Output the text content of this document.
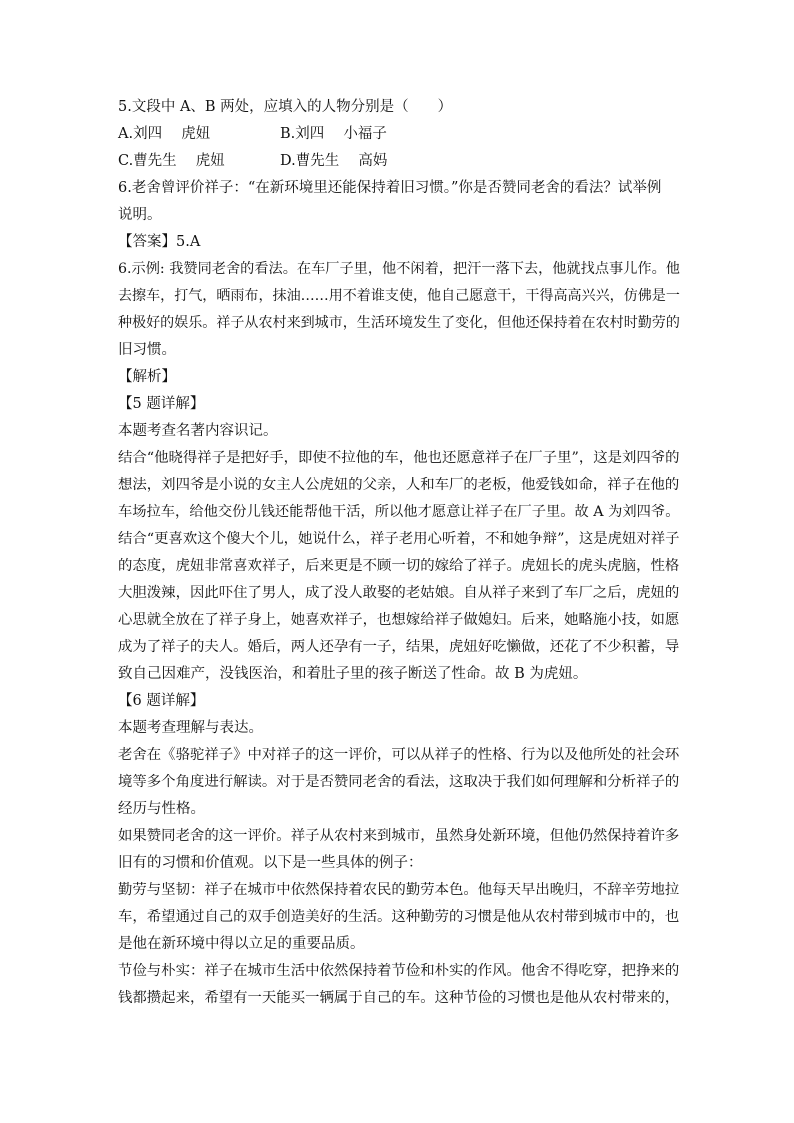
5.文段中 A、B 两处，应填入的人物分别是（　　）
A.刘四　 虎妞	B.刘四　 小福子
C.曹先生　 虎妞	D.曹先生　 高妈
6.老舍曾评价祥子：“在新环境里还能保持着旧习惯。”你是否赞同老舍的看法？试举例
说明。
【答案】5.A
6.示例: 我赞同老舍的看法。在车厂子里，他不闲着，把汗一落下去，他就找点事儿作。他
去擦车，打气，晒雨布，抹油……用不着谁支使，他自己愿意干，干得高高兴兴，仿佛是一
种极好的娱乐。祥子从农村来到城市，生活环境发生了变化，但他还保持着在农村时勤劳的
旧习惯。
【解析】
【5 题详解】
本题考查名著内容识记。
结合“他晓得祥子是把好手，即使不拉他的车，他也还愿意祥子在厂子里”，这是刘四爷的
想法，刘四爷是小说的女主人公虎妞的父亲，人和车厂的老板，他爱钱如命，祥子在他的
车场拉车，给他交份儿钱还能帮他干活，所以他才愿意让祥子在厂子里。故 A 为刘四爷。
结合“更喜欢这个傻大个儿，她说什么，祥子老用心听着，不和她争辩”，这是虎妞对祥子
的态度，虎妞非常喜欢祥子，后来更是不顾一切的嫁给了祥子。虎妞长的虎头虎脑，性格
大胆泼辣，因此吓住了男人，成了没人敢娶的老姑娘。自从祥子来到了车厂之后，虎妞的
心思就全放在了祥子身上，她喜欢祥子，也想嫁给祥子做媳妇。后来，她略施小技，如愿
成为了祥子的夫人。婚后，两人还孕有一子，结果，虎妞好吃懒做，还花了不少积蓄，导
致自己因难产，没钱医治，和着肚子里的孩子断送了性命。故 B 为虎妞。
【6 题详解】
本题考查理解与表达。
老舍在《骆驼祥子》中对祥子的这一评价，可以从祥子的性格、行为以及他所处的社会环
境等多个角度进行解读。对于是否赞同老舍的看法，这取决于我们如何理解和分析祥子的
经历与性格。
如果赞同老舍的这一评价。祥子从农村来到城市，虽然身处新环境，但他仍然保持着许多
旧有的习惯和价值观。以下是一些具体的例子：
勤劳与坚韧：祥子在城市中依然保持着农民的勤劳本色。他每天早出晚归，不辞辛劳地拉
车，希望通过自己的双手创造美好的生活。这种勤劳的习惯是他从农村带到城市中的，也
是他在新环境中得以立足的重要品质。
节俭与朴实：祥子在城市生活中依然保持着节俭和朴实的作风。他舍不得吃穿，把挣来的
钱都攒起来，希望有一天能买一辆属于自己的车。这种节俭的习惯也是他从农村带来的，
